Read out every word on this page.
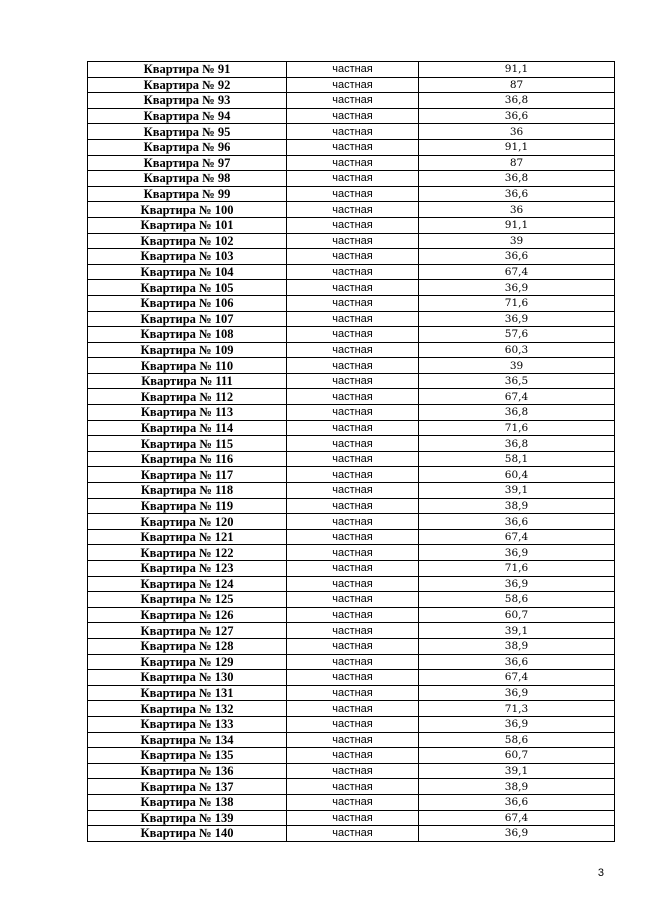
Квартира № 91	частная	91,1
Квартира № 92	частная	87
Квартира № 93	частная	36,8
Квартира № 94	частная	36,6
Квартира № 95	частная	36
Квартира № 96	частная	91,1
Квартира № 97	частная	87
Квартира № 98	частная	36,8
Квартира № 99	частная	36,6
Квартира № 100	частная	36
Квартира № 101	частная	91,1
Квартира № 102	частная	39
Квартира № 103	частная	36,6
Квартира № 104	частная	67,4
Квартира № 105	частная	36,9
Квартира № 106	частная	71,6
Квартира № 107	частная	36,9
Квартира № 108	частная	57,6
Квартира № 109	частная	60,3
Квартира № 110	частная	39
Квартира № 111	частная	36,5
Квартира № 112	частная	67,4
Квартира № 113	частная	36,8
Квартира № 114	частная	71,6
Квартира № 115	частная	36,8
Квартира № 116	частная	58,1
Квартира № 117	частная	60,4
Квартира № 118	частная	39,1
Квартира № 119	частная	38,9
Квартира № 120	частная	36,6
Квартира № 121	частная	67,4
Квартира № 122	частная	36,9
Квартира № 123	частная	71,6
Квартира № 124	частная	36,9
Квартира № 125	частная	58,6
Квартира № 126	частная	60,7
Квартира № 127	частная	39,1
Квартира № 128	частная	38,9
Квартира № 129	частная	36,6
Квартира № 130	частная	67,4
Квартира № 131	частная	36,9
Квартира № 132	частная	71,3
Квартира № 133	частная	36,9
Квартира № 134	частная	58,6
Квартира № 135	частная	60,7
Квартира № 136	частная	39,1
Квартира № 137	частная	38,9
Квартира № 138	частная	36,6
Квартира № 139	частная	67,4
Квартира № 140	частная	36,9
3
